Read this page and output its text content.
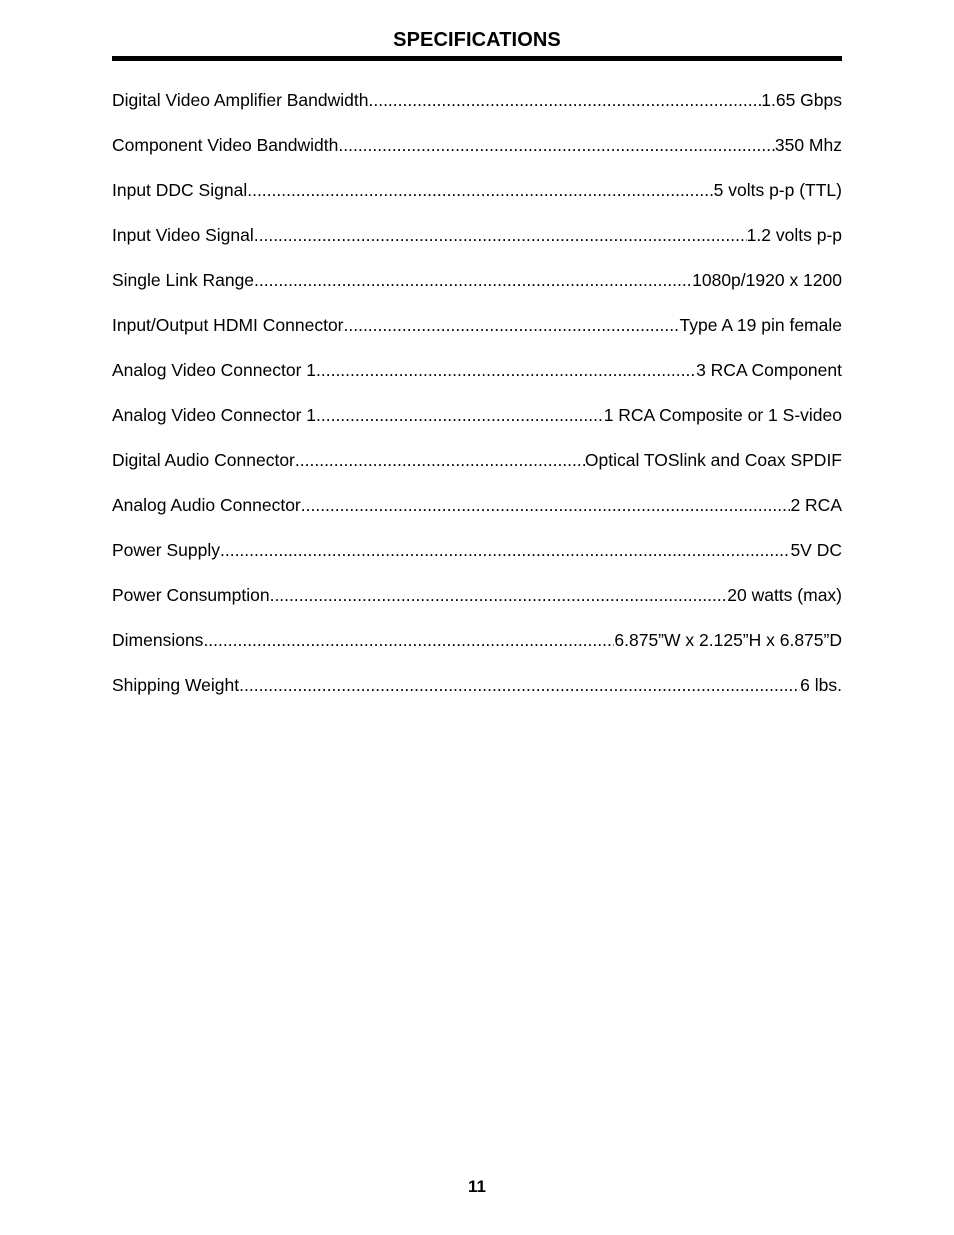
SPECIFICATIONS
Digital Video Amplifier Bandwidth .....	1.65 Gbps
Component Video Bandwidth .....	350 Mhz
Input DDC Signal .....	5 volts p-p (TTL)
Input Video Signal .....	1.2 volts p-p
Single Link Range .....	1080p/1920 x 1200
Input/Output HDMI Connector .....	Type A 19 pin female
Analog Video Connector 1 .....	3 RCA Component
Analog Video Connector 1 .....	1 RCA Composite or 1 S-video
Digital Audio Connector .....	Optical TOSlink and Coax SPDIF
Analog Audio Connector .....	2 RCA
Power Supply .....	5V DC
Power Consumption .....	20 watts (max)
Dimensions .....	6.875”W x 2.125”H x 6.875”D
Shipping Weight .....	6 lbs.
11
